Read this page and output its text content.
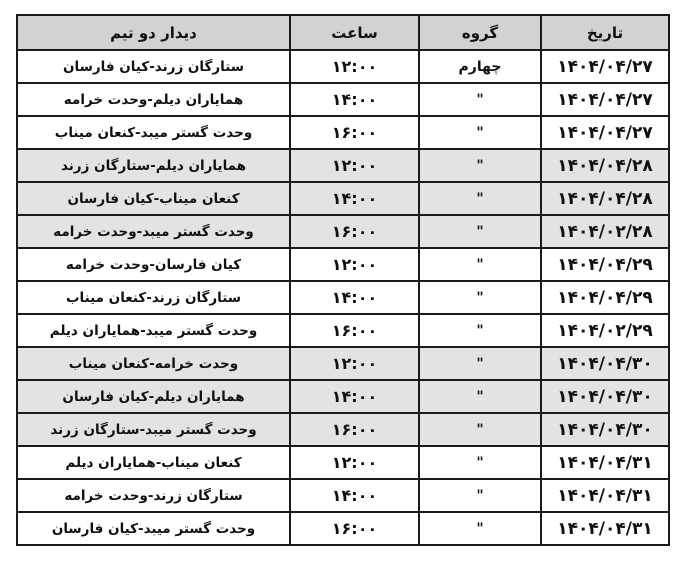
تاریخ	گروه	ساعت	دیدار دو تیم
۱۴۰۴/۰۴/۲۷	چهارم	۱۲:۰۰	ستارگان زرند-کیان فارسان
۱۴۰۴/۰۴/۲۷	"	۱۴:۰۰	همایاران دیلم-وحدت خرامه
۱۴۰۴/۰۴/۲۷	"	۱۶:۰۰	وحدت گستر میبد-کنعان میناب
۱۴۰۴/۰۴/۲۸	"	۱۲:۰۰	همایاران دیلم-ستارگان زرند
۱۴۰۴/۰۴/۲۸	"	۱۴:۰۰	کنعان میناب-کیان فارسان
۱۴۰۴/۰۲/۲۸	"	۱۶:۰۰	وحدت گستر میبد-وحدت خرامه
۱۴۰۴/۰۴/۲۹	"	۱۲:۰۰	کیان فارسان-وحدت خرامه
۱۴۰۴/۰۴/۲۹	"	۱۴:۰۰	ستارگان زرند-کنعان میناب
۱۴۰۴/۰۲/۲۹	"	۱۶:۰۰	وحدت گستر میبد-همایاران دیلم
۱۴۰۴/۰۴/۳۰	"	۱۲:۰۰	وحدت خرامه-کنعان میناب
۱۴۰۴/۰۴/۳۰	"	۱۴:۰۰	همایاران دیلم-کیان فارسان
۱۴۰۴/۰۴/۳۰	"	۱۶:۰۰	وحدت گستر میبد-ستارگان زرند
۱۴۰۴/۰۴/۳۱	"	۱۲:۰۰	کنعان میناب-همایاران دیلم
۱۴۰۴/۰۴/۳۱	"	۱۴:۰۰	ستارگان زرند-وحدت خرامه
۱۴۰۴/۰۴/۳۱	"	۱۶:۰۰	وحدت گستر میبد-کیان فارسان
